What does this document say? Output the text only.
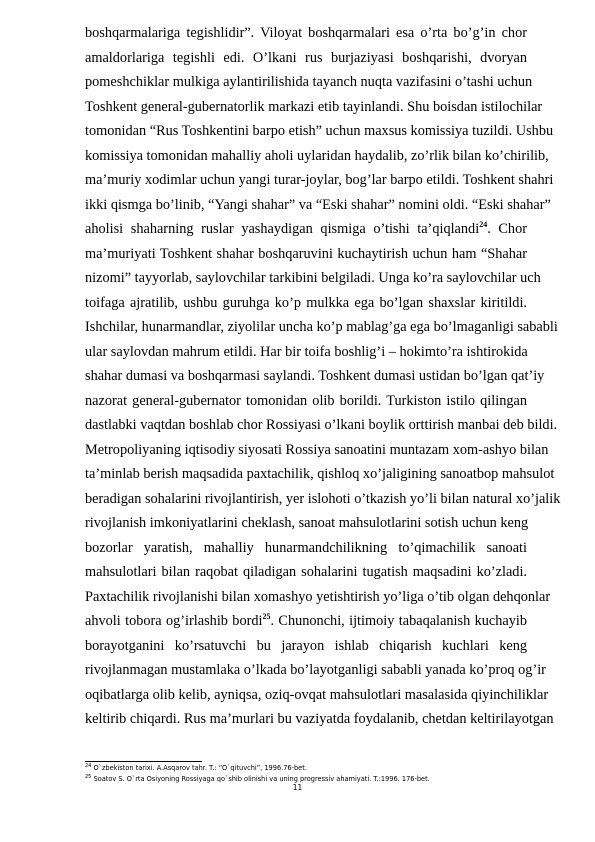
boshqarmalariga tegishlidir”. Viloyat boshqarmalari esa o’rta bo’g’in chor
amaldorlariga tegishli edi. O’lkani rus burjaziyasi boshqarishi, dvoryan
pomeshchiklar mulkiga aylantirilishida tayanch nuqta vazifasini o’tashi uchun
Toshkent general-gubernatorlik markazi etib tayinlandi. Shu boisdan istilochilar
tomonidan “Rus Toshkentini barpo etish” uchun maxsus komissiya tuzildi. Ushbu
komissiya tomonidan mahalliy aholi uylaridan haydalib, zo’rlik bilan ko’chirilib,
ma’muriy xodimlar uchun yangi turar-joylar, bog’lar barpo etildi. Toshkent shahri
ikki qismga bo’linib, “Yangi shahar” va “Eski shahar” nomini oldi. “Eski shahar”
aholisi shaharning ruslar yashaydigan qismiga o’tishi ta’qiqlandi$^{24}$. Chor
ma’muriyati Toshkent shahar boshqaruvini kuchaytirish uchun ham “Shahar
nizomi” tayyorlab, saylovchilar tarkibini belgiladi. Unga ko’ra saylovchilar uch
toifaga ajratilib, ushbu guruhga ko’p mulkka ega bo’lgan shaxslar kiritildi.
Ishchilar, hunarmandlar, ziyolilar uncha ko’p mablag’ga ega bo’lmaganligi sababli
ular saylovdan mahrum etildi. Har bir toifa boshlig’i – hokimto’ra ishtirokida
shahar dumasi va boshqarmasi saylandi. Toshkent dumasi ustidan bo’lgan qat’iy
nazorat general-gubernator tomonidan olib borildi. Turkiston istilo qilingan
dastlabki vaqtdan boshlab chor Rossiyasi o’lkani boylik orttirish manbai deb bildi.
Metropoliyaning iqtisodiy siyosati Rossiya sanoatini muntazam xom-ashyo bilan
ta’minlab berish maqsadida paxtachilik, qishloq xo’jaligining sanoatbop mahsulot
beradigan sohalarini rivojlantirish, yer islohoti o’tkazish yo’li bilan natural xo’jalik
rivojlanish imkoniyatlarini cheklash, sanoat mahsulotlarini sotish uchun keng
bozorlar yaratish, mahalliy hunarmandchilikning to’qimachilik sanoati
mahsulotlari bilan raqobat qiladigan sohalarini tugatish maqsadini ko’zladi.
Paxtachilik rivojlanishi bilan xomashyo yetishtirish yo’liga o’tib olgan dehqonlar
ahvoli tobora og’irlashib bordi$^{25}$. Chunonchi, ijtimoiy tabaqalanish kuchayib
borayotganini ko’rsatuvchi bu jarayon ishlab chiqarish kuchlari keng
rivojlanmagan mustamlaka o’lkada bo’layotganligi sababli yanada ko’proq og’ir
oqibatlarga olib kelib, ayniqsa, oziq-ovqat mahsulotlari masalasida qiyinchiliklar
keltirib chiqardi. Rus ma’murlari bu vaziyatda foydalanib, chetdan keltirilayotgan
$^{24}$ O`zbekiston tarixi. A.Asqarov tahr. T.: “O`qituvchi”, 1996.76-bet.
$^{25}$ Soatov S. O`rta Osiyoning Rossiyaga qo`shib olinishi va uning progressiv ahamiyati. T.:1996. 176-bet.
11
